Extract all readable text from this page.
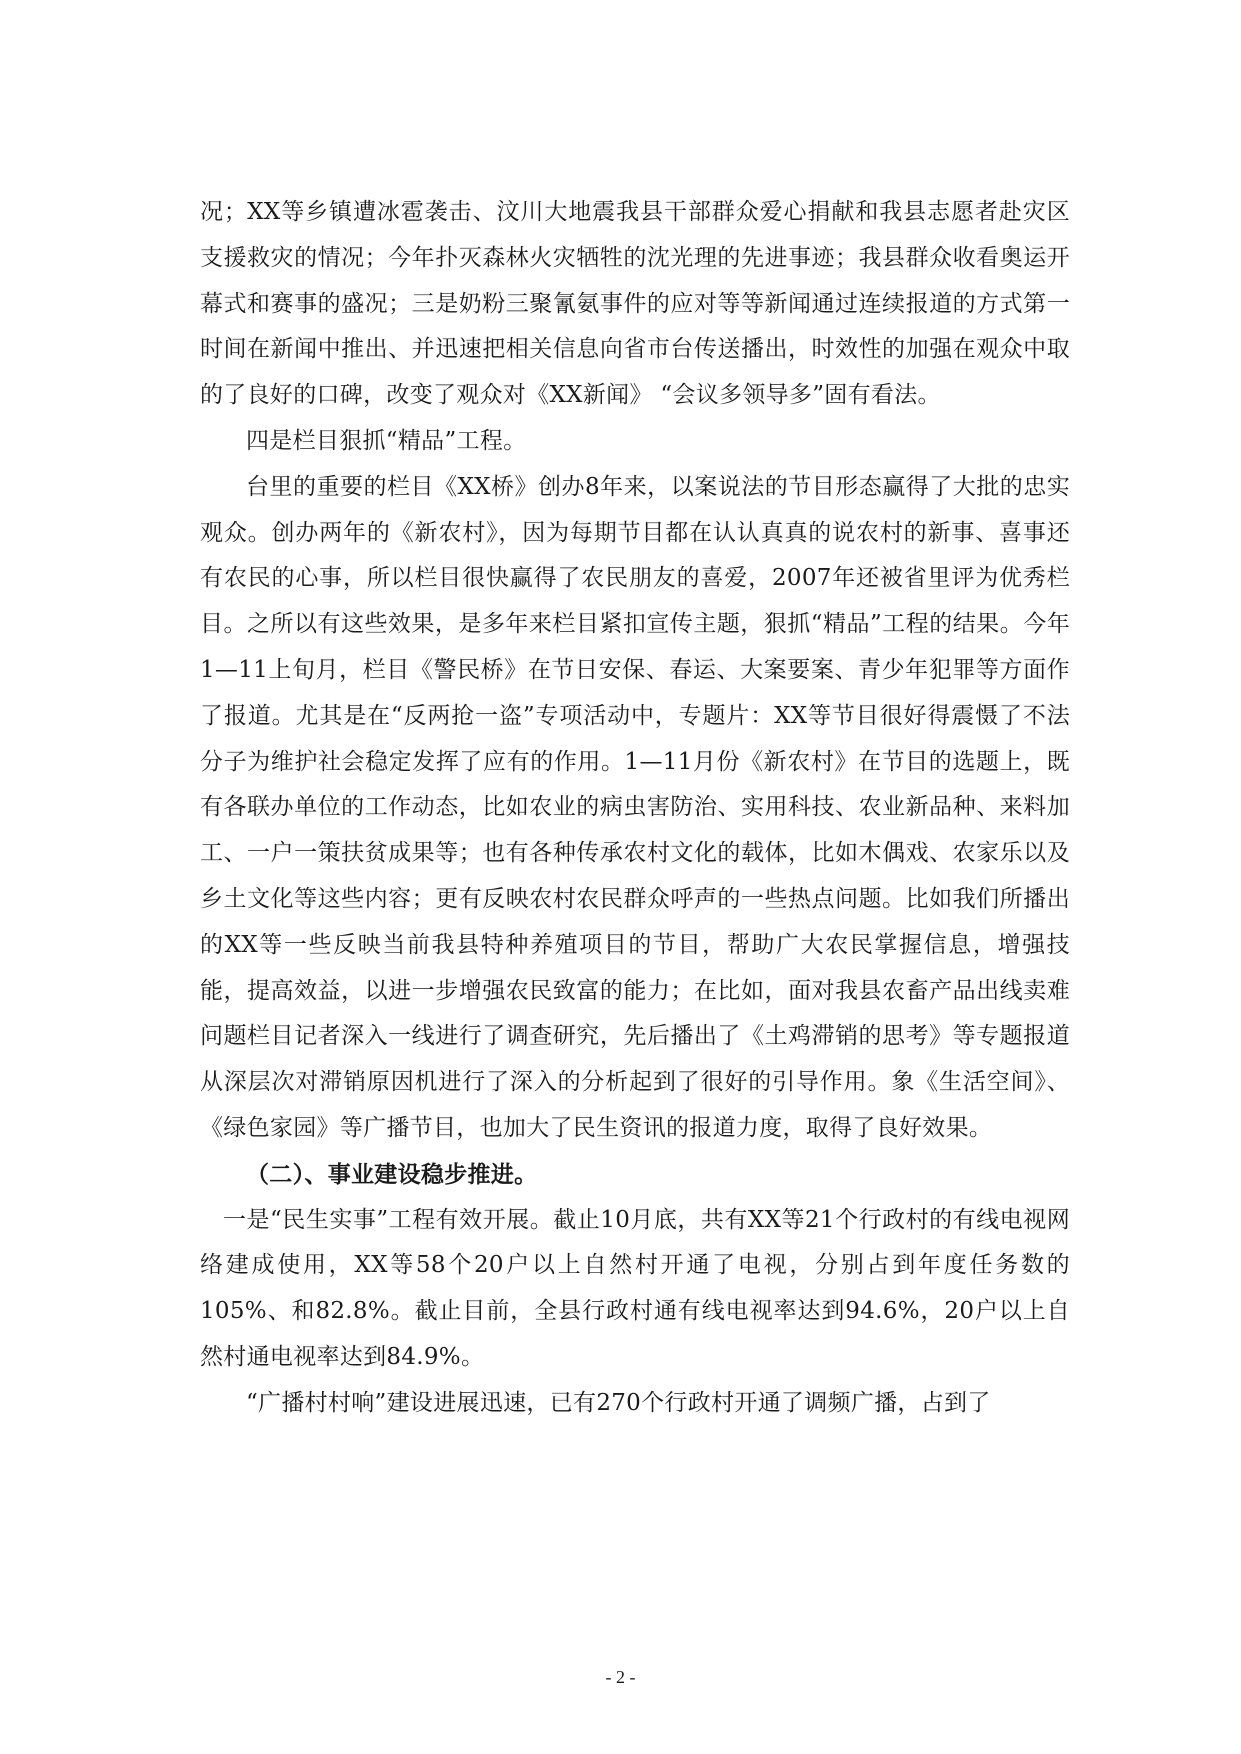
况；XX等乡镇遭冰雹袭击、汶川大地震我县干部群众爱心捐献和我县志愿者赴灾区支援救灾的情况；今年扑灭森林火灾牺牲的沈光理的先进事迹；我县群众收看奥运开幕式和赛事的盛况；三是奶粉三聚氰氨事件的应对等等新闻通过连续报道的方式第一时间在新闻中推出、并迅速把相关信息向省市台传送播出，时效性的加强在观众中取的了良好的口碑，改变了观众对《XX新闻》 “会议多领导多”固有看法。

四是栏目狠抓“精品”工程。

台里的重要的栏目《XX桥》创办8年来，以案说法的节目形态赢得了大批的忠实观众。创办两年的《新农村》，因为每期节目都在认认真真的说农村的新事、喜事还有农民的心事，所以栏目很快赢得了农民朋友的喜爱，2007年还被省里评为优秀栏目。之所以有这些效果，是多年来栏目紧扣宣传主题，狠抓“精品”工程的结果。今年1—11上旬月，栏目《警民桥》在节日安保、春运、大案要案、青少年犯罪等方面作了报道。尤其是在“反两抢一盗”专项活动中，专题片：XX等节目很好得震慑了不法分子为维护社会稳定发挥了应有的作用。1—11月份《新农村》在节目的选题上，既有各联办单位的工作动态，比如农业的病虫害防治、实用科技、农业新品种、来料加工、一户一策扶贫成果等；也有各种传承农村文化的载体，比如木偶戏、农家乐以及乡土文化等这些内容；更有反映农村农民群众呼声的一些热点问题。比如我们所播出的XX等一些反映当前我县特种养殖项目的节目，帮助广大农民掌握信息，增强技能，提高效益，以进一步增强农民致富的能力；在比如，面对我县农畜产品出线卖难问题栏目记者深入一线进行了调查研究，先后播出了《土鸡滞销的思考》等专题报道从深层次对滞销原因机进行了深入的分析起到了很好的引导作用。象《生活空间》、《绿色家园》等广播节目，也加大了民生资讯的报道力度，取得了良好效果。

（二）、事业建设稳步推进。

一是“民生实事”工程有效开展。截止10月底，共有XX等21个行政村的有线电视网络建成使用，XX等58个20户以上自然村开通了电视，分别占到年度任务数的105%、和82.8%。截止目前，全县行政村通有线电视率达到94.6%，20户以上自然村通电视率达到84.9%。

“广播村村响”建设进展迅速，已有270个行政村开通了调频广播，占到了

- 2 -
